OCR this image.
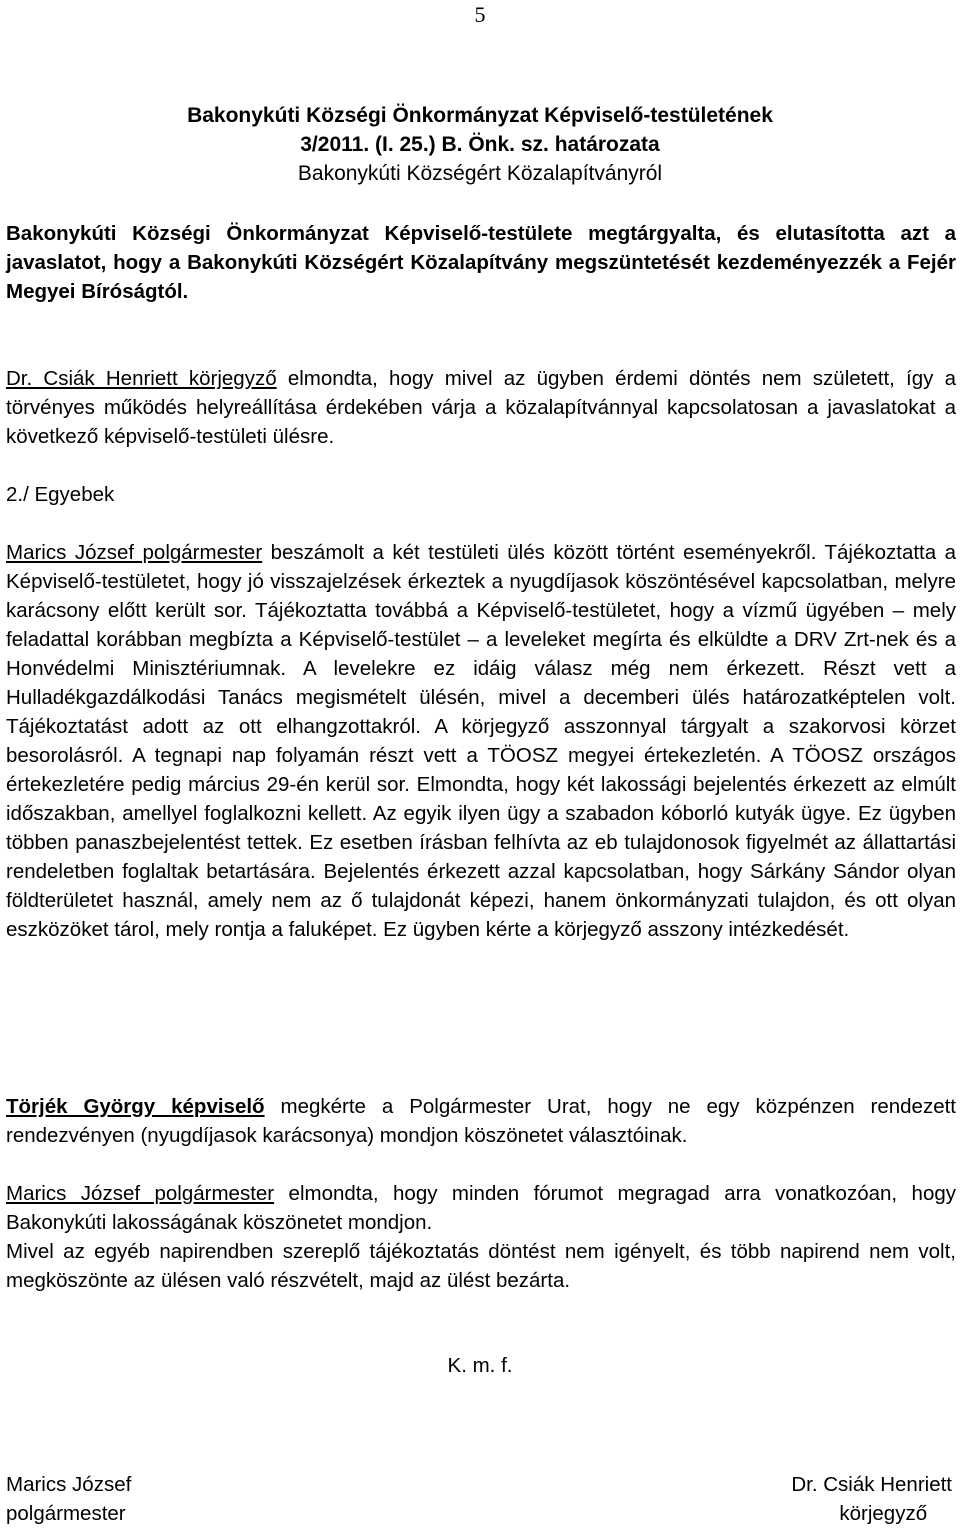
5
Bakonykúti Községi Önkormányzat Képviselő-testületének
3/2011. (I. 25.) B. Önk. sz. határozata
Bakonykúti Községért Közalapítványról

Bakonykúti Községi Önkormányzat Képviselő-testülete megtárgyalta, és elutasította azt a javaslatot, hogy a Bakonykúti Községért Közalapítvány megszüntetését kezdeményezzék a Fejér Megyei Bíróságtól.

Dr. Csiák Henriett körjegyző elmondta, hogy mivel az ügyben érdemi döntés nem született, így a törvényes működés helyreállítása érdekében várja a közalapítvánnyal kapcsolatosan a javaslatokat a következő képviselő-testületi ülésre.

2./ Egyebek

Marics József polgármester beszámolt a két testületi ülés között történt eseményekről. Tájékoztatta a Képviselő-testületet, hogy jó visszajelzések érkeztek a nyugdíjasok köszöntésével kapcsolatban, melyre karácsony előtt került sor. Tájékoztatta továbbá a Képviselő-testületet, hogy a vízmű ügyében – mely feladattal korábban megbízta a Képviselő-testület – a leveleket megírta és elküldte a DRV Zrt-nek és a Honvédelmi Minisztériumnak. A levelekre ez idáig válasz még nem érkezett. Részt vett a Hulladékgazdálkodási Tanács megismételt ülésén, mivel a decemberi ülés határozatképtelen volt. Tájékoztatást adott az ott elhangzottakról. A körjegyző asszonnyal tárgyalt a szakorvosi körzet besorolásról. A tegnapi nap folyamán részt vett a TÖOSZ megyei értekezletén. A TÖOSZ országos értekezletére pedig március 29-én kerül sor. Elmondta, hogy két lakossági bejelentés érkezett az elmúlt időszakban, amellyel foglalkozni kellett. Az egyik ilyen ügy a szabadon kóborló kutyák ügye. Ez ügyben többen panaszbejelentést tettek. Ez esetben írásban felhívta az eb tulajdonosok figyelmét az állattartási rendeletben foglaltak betartására. Bejelentés érkezett azzal kapcsolatban, hogy Sárkány Sándor olyan földterületet használ, amely nem az ő tulajdonát képezi, hanem önkormányzati tulajdon, és ott olyan eszközöket tárol, mely rontja a faluképet. Ez ügyben kérte a körjegyző asszony intézkedését.

Törjék György képviselő megkérte a Polgármester Urat, hogy ne egy közpénzen rendezett rendezvényen (nyugdíjasok karácsonya) mondjon köszönetet választóinak.

Marics József polgármester elmondta, hogy minden fórumot megragad arra vonatkozóan, hogy Bakonykúti lakosságának köszönetet mondjon.

Mivel az egyéb napirendben szereplő tájékoztatás döntést nem igényelt, és több napirend nem volt, megköszönte az ülésen való részvételt, majd az ülést bezárta.

K. m. f.
Marics József
polgármester
Dr. Csiák Henriett
körjegyző
